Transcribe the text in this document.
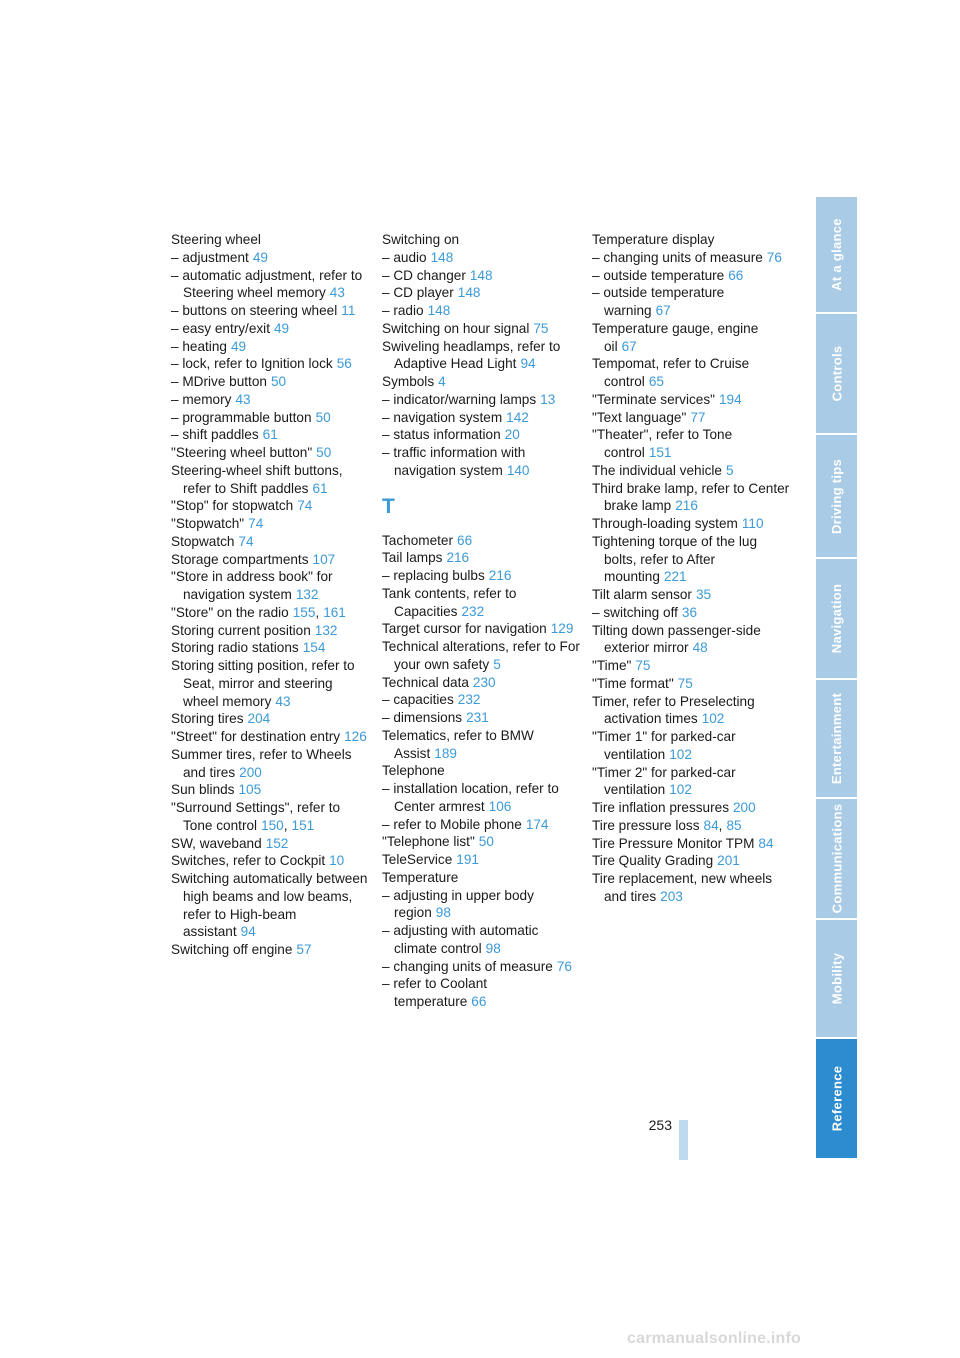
Steering wheel
– adjustment 49
– automatic adjustment, refer to Steering wheel memory 43
– buttons on steering wheel 11
– easy entry/exit 49
– heating 49
– lock, refer to Ignition lock 56
– MDrive button 50
– memory 43
– programmable button 50
– shift paddles 61
"Steering wheel button" 50
Steering-wheel shift buttons, refer to Shift paddles 61
"Stop" for stopwatch 74
"Stopwatch" 74
Stopwatch 74
Storage compartments 107
"Store in address book" for navigation system 132
"Store" on the radio 155, 161
Storing current position 132
Storing radio stations 154
Storing sitting position, refer to Seat, mirror and steering wheel memory 43
Storing tires 204
"Street" for destination entry 126
Summer tires, refer to Wheels and tires 200
Sun blinds 105
"Surround Settings", refer to Tone control 150, 151
SW, waveband 152
Switches, refer to Cockpit 10
Switching automatically between high beams and low beams, refer to High-beam assistant 94
Switching off engine 57
Switching on
– audio 148
– CD changer 148
– CD player 148
– radio 148
Switching on hour signal 75
Swiveling headlamps, refer to Adaptive Head Light 94
Symbols 4
– indicator/warning lamps 13
– navigation system 142
– status information 20
– traffic information with navigation system 140
T
Tachometer 66
Tail lamps 216
– replacing bulbs 216
Tank contents, refer to Capacities 232
Target cursor for navigation 129
Technical alterations, refer to For your own safety 5
Technical data 230
– capacities 232
– dimensions 231
Telematics, refer to BMW Assist 189
Telephone
– installation location, refer to Center armrest 106
– refer to Mobile phone 174
"Telephone list" 50
TeleService 191
Temperature
– adjusting in upper body region 98
– adjusting with automatic climate control 98
– changing units of measure 76
– refer to Coolant temperature 66
Temperature display
– changing units of measure 76
– outside temperature 66
– outside temperature warning 67
Temperature gauge, engine oil 67
Tempomat, refer to Cruise control 65
"Terminate services" 194
"Text language" 77
"Theater", refer to Tone control 151
The individual vehicle 5
Third brake lamp, refer to Center brake lamp 216
Through-loading system 110
Tightening torque of the lug bolts, refer to After mounting 221
Tilt alarm sensor 35
– switching off 36
Tilting down passenger-side exterior mirror 48
"Time" 75
"Time format" 75
Timer, refer to Preselecting activation times 102
"Timer 1" for parked-car ventilation 102
"Timer 2" for parked-car ventilation 102
Tire inflation pressures 200
Tire pressure loss 84, 85
Tire Pressure Monitor TPM 84
Tire Quality Grading 201
Tire replacement, new wheels and tires 203
At a glance
Controls
Driving tips
Navigation
Entertainment
Communications
Mobility
Reference
253
carmanualsonline.info
